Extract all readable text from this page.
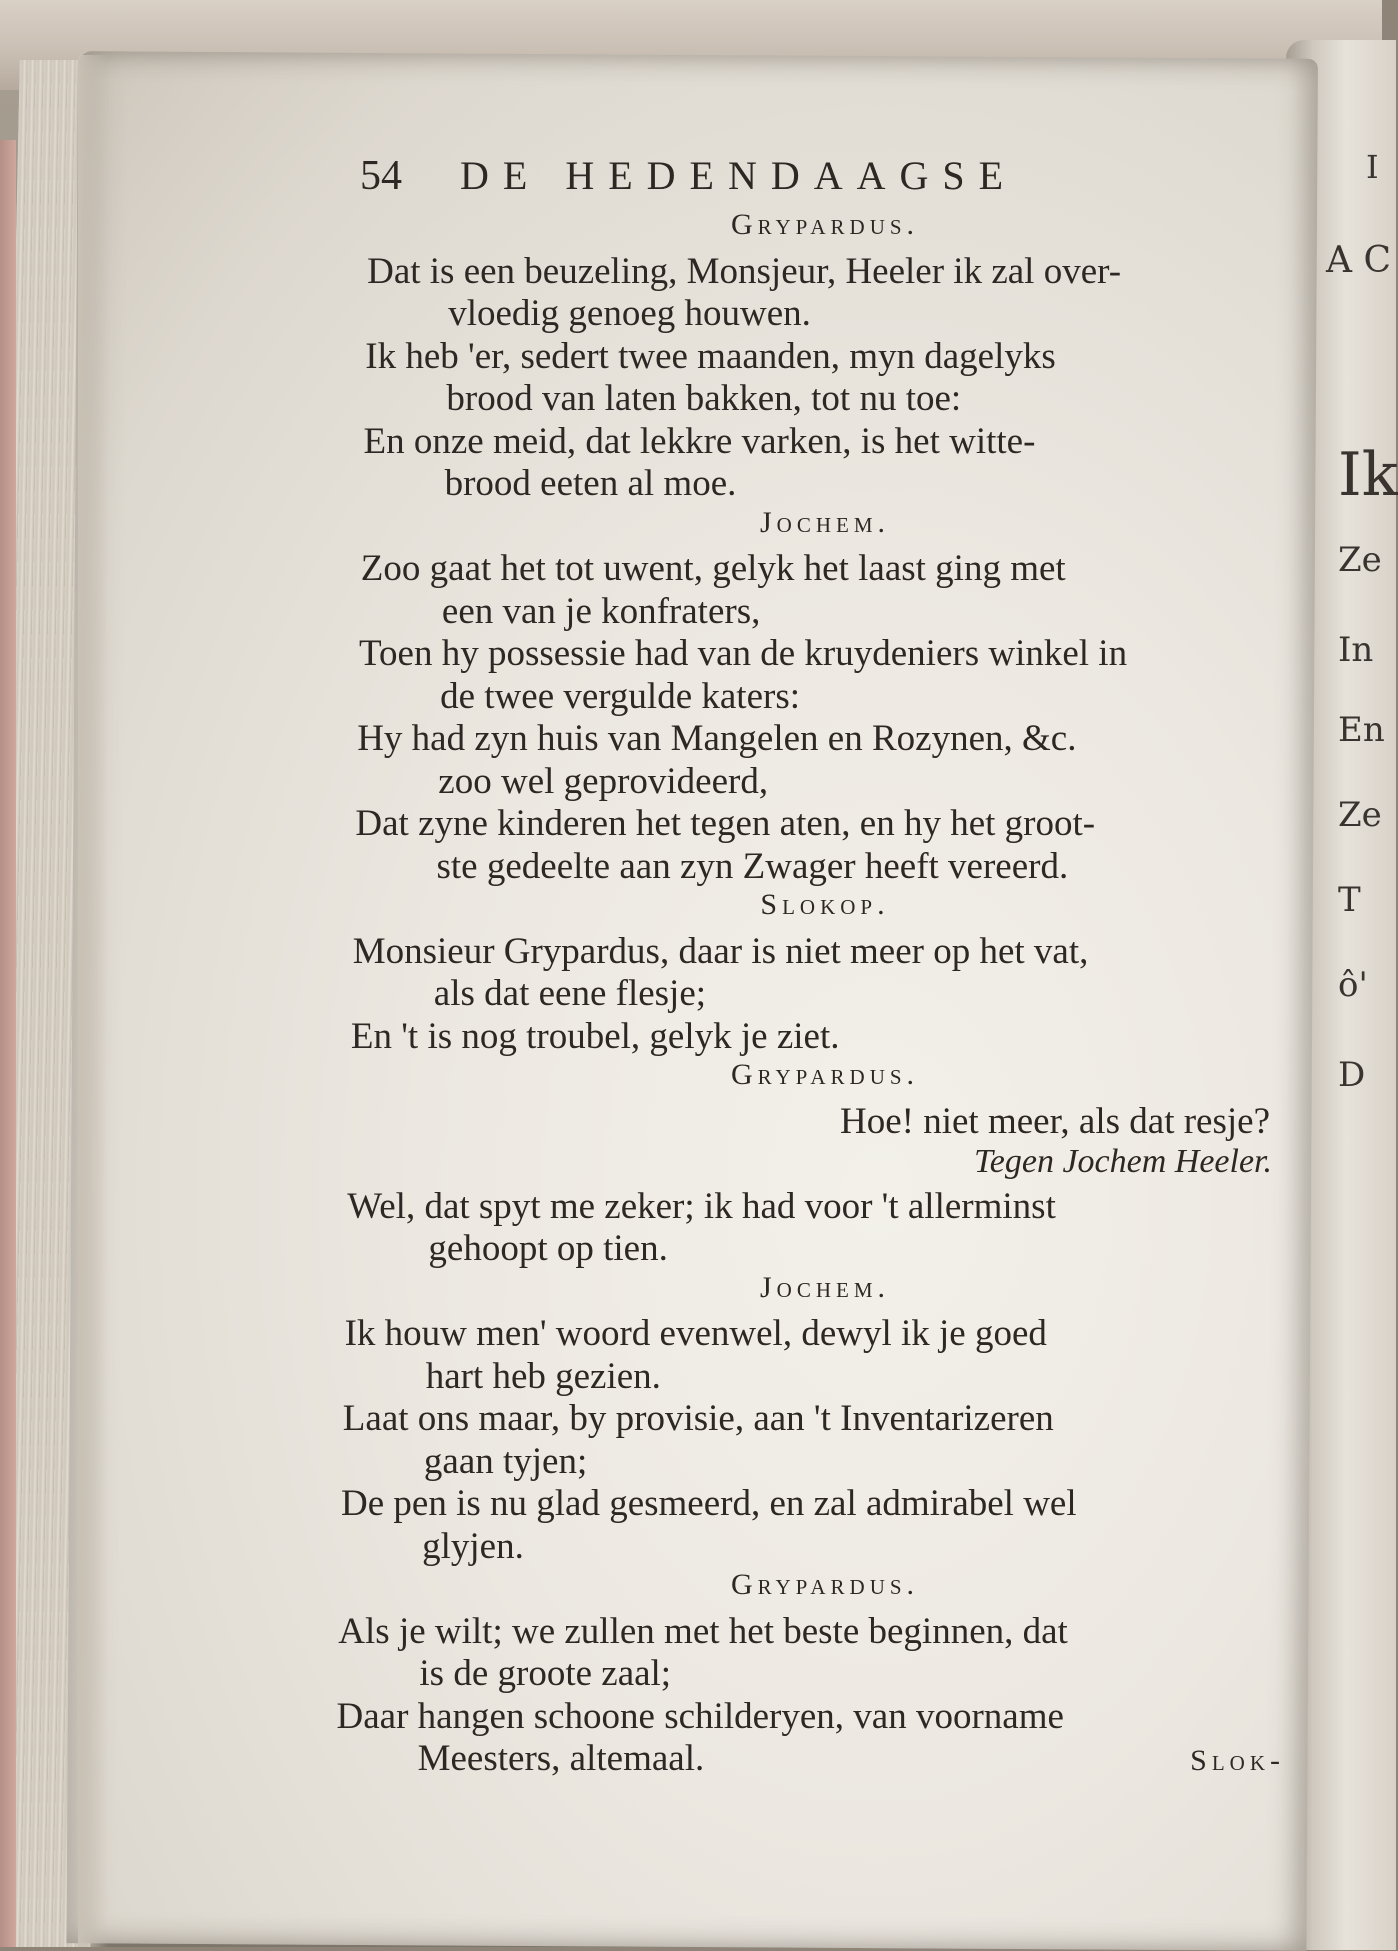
I
A C
Ik
Ze
In
En
Ze
T
ô'
D
54 DE HEDENDAAGSE
Grypardus.
Dat is een beuzeling, Monsjeur, Heeler ik zal over-
vloedig genoeg houwen.
Ik heb 'er, sedert twee maanden, myn dagelyks
brood van laten bakken, tot nu toe:
En onze meid, dat lekkre varken, is het witte-
brood eeten al moe.
Jochem.
Zoo gaat het tot uwent, gelyk het laast ging met
een van je konfraters,
Toen hy possessie had van de kruydeniers winkel in
de twee vergulde katers:
Hy had zyn huis van Mangelen en Rozynen, &c.
zoo wel geprovideerd,
Dat zyne kinderen het tegen aten, en hy het groot-
ste gedeelte aan zyn Zwager heeft vereerd.
Slokop.
Monsieur Grypardus, daar is niet meer op het vat,
als dat eene flesje;
En 't is nog troubel, gelyk je ziet.
Grypardus.
Hoe! niet meer, als dat resje?
Tegen Jochem Heeler.
Wel, dat spyt me zeker; ik had voor 't allerminst
gehoopt op tien.
Jochem.
Ik houw men' woord evenwel, dewyl ik je goed
hart heb gezien.
Laat ons maar, by provisie, aan 't Inventarizeren
gaan tyjen;
De pen is nu glad gesmeerd, en zal admirabel wel
glyjen.
Grypardus.
Als je wilt; we zullen met het beste beginnen, dat
is de groote zaal;
Daar hangen schoone schilderyen, van voorname
Meesters, altemaal.	Slok-
